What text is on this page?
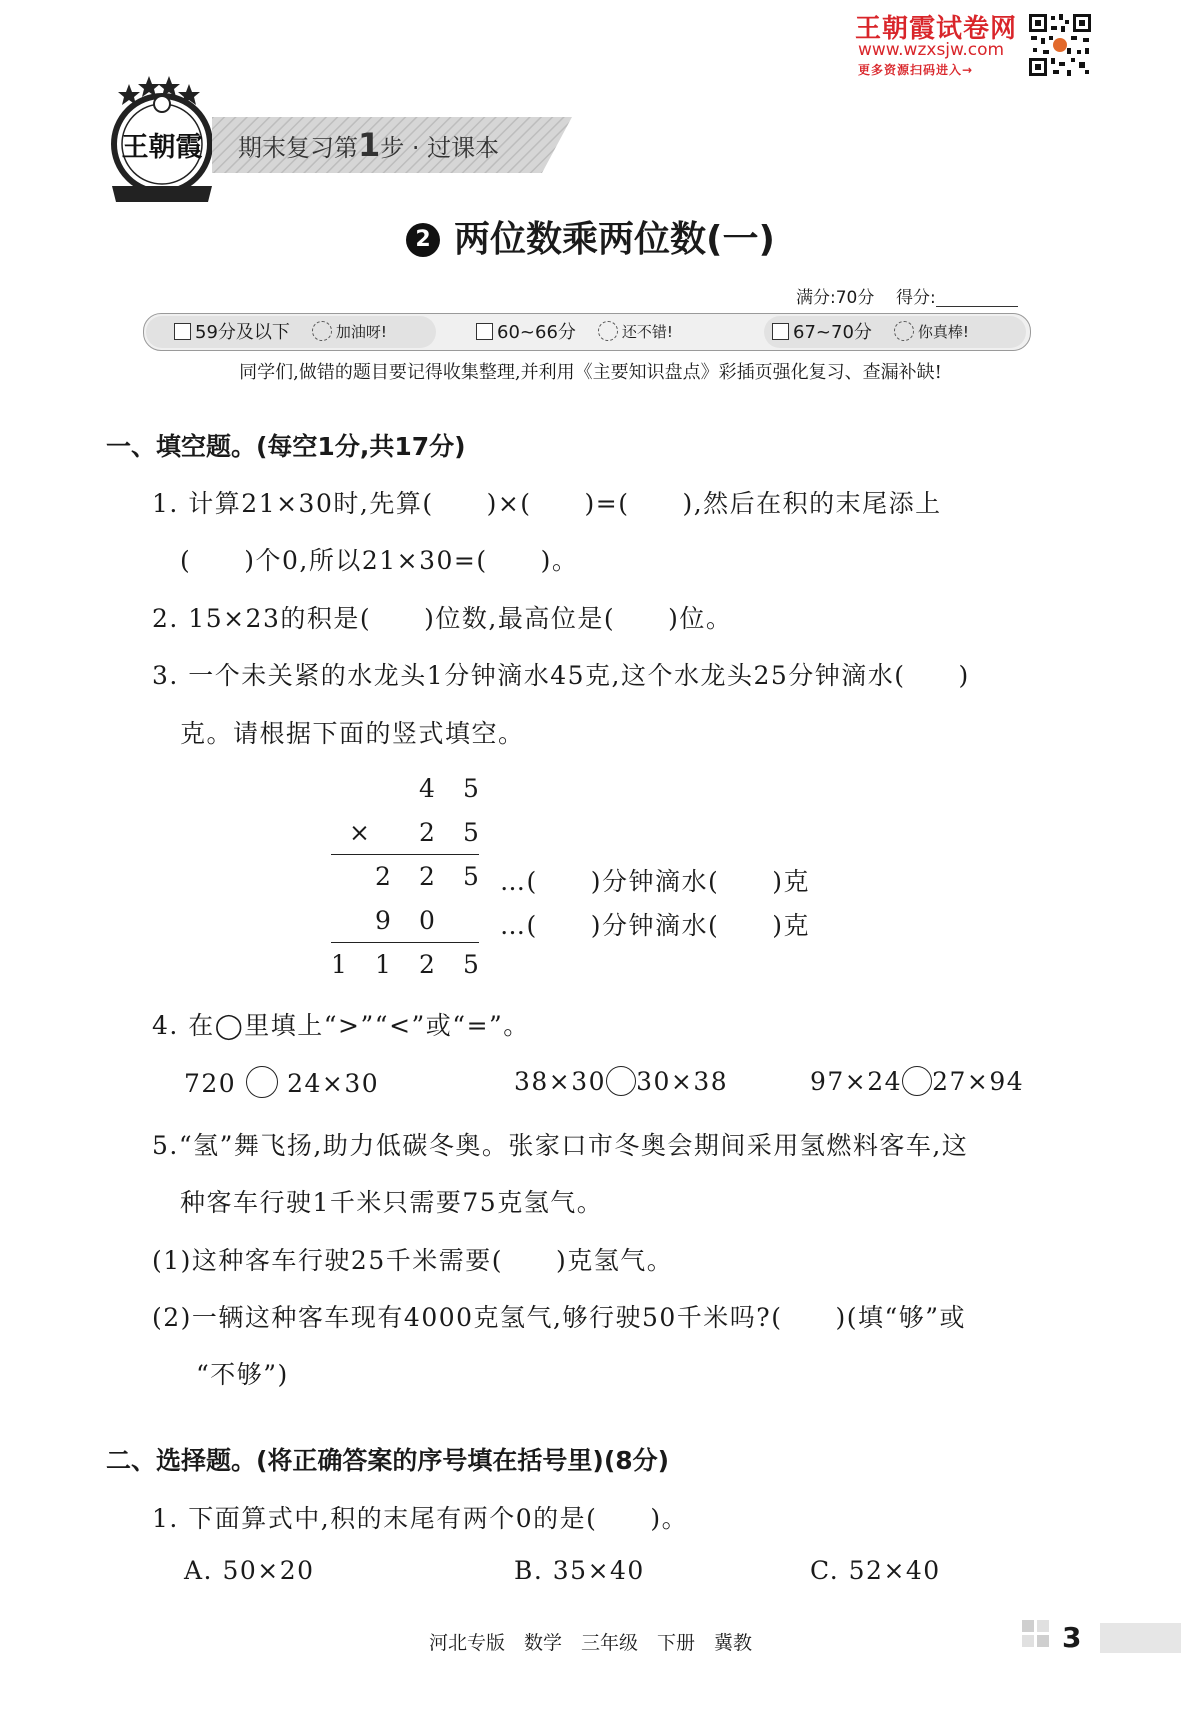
王朝霞试卷网
www.wzxsjw.com
更多资源扫码进入→
王朝霞 期末复习第1步 · 过课本
2 两位数乘两位数(一)
满分:70分 得分:
59分及以下	加油呀!	60~66分	还不错!	67~70分	你真棒!
同学们,做错的题目要记得收集整理,并利用《主要知识盘点》彩插页强化复习、查漏补缺!
一、填空题。(每空1分,共17分)
1. 计算21×30时,先算(　　)×(　　)=(　　),然后在积的末尾添上
(　　)个0,所以21×30=(　　)。
2. 15×23的积是(　　)位数,最高位是(　　)位。
3. 一个未关紧的水龙头1分钟滴水45克,这个水龙头25分钟滴水(　　)
克。请根据下面的竖式填空。
4 5
× 2 5
2 2 5 …(　　)分钟滴水(　　)克
9 0	…(　　)分钟滴水(　　)克
1 1 2 5
4. 在◯里填上“>”“<”或“=”。
720 24×30	38×30 30×38	97×24 27×94
5.“氢”舞飞扬,助力低碳冬奥。张家口市冬奥会期间采用氢燃料客车,这
种客车行驶1千米只需要75克氢气。
(1)这种客车行驶25千米需要(　　)克氢气。
(2)一辆这种客车现有4000克氢气,够行驶50千米吗?(　　)(填“够”或
“不够”)
二、选择题。(将正确答案的序号填在括号里)(8分)
1. 下面算式中,积的末尾有两个0的是(　　)。
A. 50×20	B. 35×40	C. 52×40
河北专版　数学　三年级　下册　冀教	3
